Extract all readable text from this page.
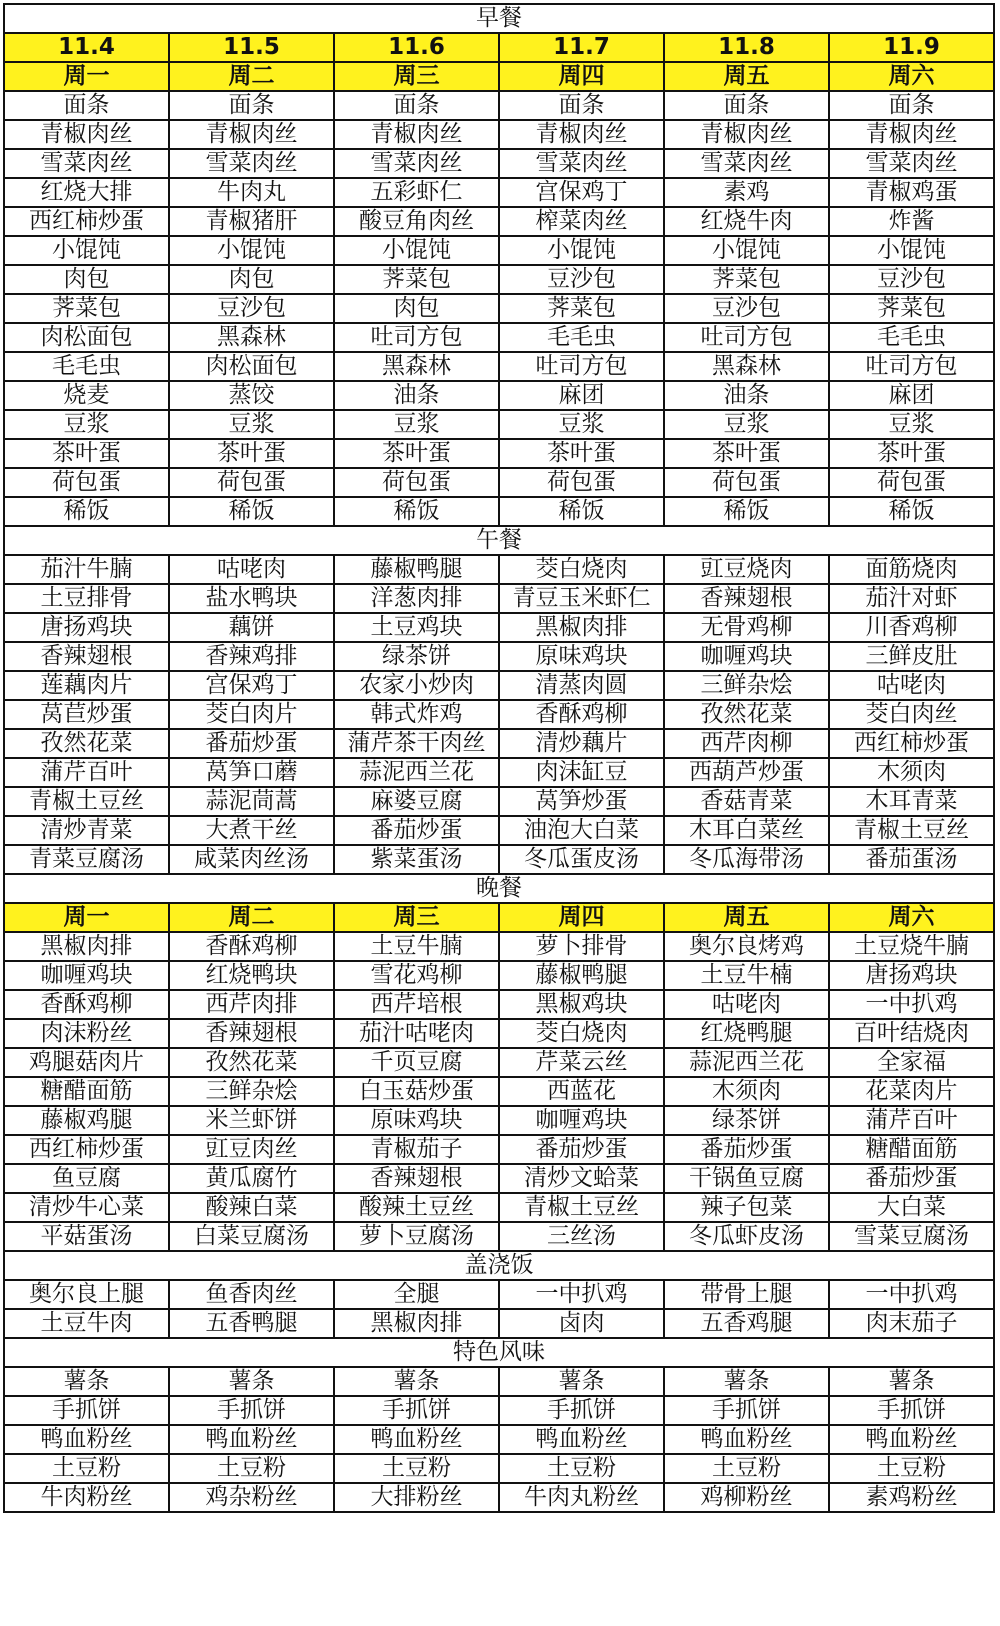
早餐					
11.4	11.5	11.6	11.7	11.8	11.9
周一	周二	周三	周四	周五	周六
面条	面条	面条	面条	面条	面条
青椒肉丝	青椒肉丝	青椒肉丝	青椒肉丝	青椒肉丝	青椒肉丝
雪菜肉丝	雪菜肉丝	雪菜肉丝	雪菜肉丝	雪菜肉丝	雪菜肉丝
红烧大排	牛肉丸	五彩虾仁	宫保鸡丁	素鸡	青椒鸡蛋
西红柿炒蛋	青椒猪肝	酸豆角肉丝	榨菜肉丝	红烧牛肉	炸酱
小馄饨	小馄饨	小馄饨	小馄饨	小馄饨	小馄饨
肉包	肉包	荠菜包	豆沙包	荠菜包	豆沙包
荠菜包	豆沙包	肉包	荠菜包	豆沙包	荠菜包
肉松面包	黑森林	吐司方包	毛毛虫	吐司方包	毛毛虫
毛毛虫	肉松面包	黑森林	吐司方包	黑森林	吐司方包
烧麦	蒸饺	油条	麻团	油条	麻团
豆浆	豆浆	豆浆	豆浆	豆浆	豆浆
茶叶蛋	茶叶蛋	茶叶蛋	茶叶蛋	茶叶蛋	茶叶蛋
荷包蛋	荷包蛋	荷包蛋	荷包蛋	荷包蛋	荷包蛋
稀饭	稀饭	稀饭	稀饭	稀饭	稀饭
午餐					
茄汁牛腩	咕咾肉	藤椒鸭腿	茭白烧肉	豇豆烧肉	面筋烧肉
土豆排骨	盐水鸭块	洋葱肉排	青豆玉米虾仁	香辣翅根	茄汁对虾
唐扬鸡块	藕饼	土豆鸡块	黑椒肉排	无骨鸡柳	川香鸡柳
香辣翅根	香辣鸡排	绿茶饼	原味鸡块	咖喱鸡块	三鲜皮肚
莲藕肉片	宫保鸡丁	农家小炒肉	清蒸肉圆	三鲜杂烩	咕咾肉
莴苣炒蛋	茭白肉片	韩式炸鸡	香酥鸡柳	孜然花菜	茭白肉丝
孜然花菜	番茄炒蛋	蒲芹茶干肉丝	清炒藕片	西芹肉柳	西红柿炒蛋
蒲芹百叶	莴笋口蘑	蒜泥西兰花	肉沫缸豆	西葫芦炒蛋	木须肉
青椒土豆丝	蒜泥茼蒿	麻婆豆腐	莴笋炒蛋	香菇青菜	木耳青菜
清炒青菜	大煮干丝	番茄炒蛋	油泡大白菜	木耳白菜丝	青椒土豆丝
青菜豆腐汤	咸菜肉丝汤	紫菜蛋汤	冬瓜蛋皮汤	冬瓜海带汤	番茄蛋汤
晚餐					
周一	周二	周三	周四	周五	周六
黑椒肉排	香酥鸡柳	土豆牛腩	萝卜排骨	奥尔良烤鸡	土豆烧牛腩
咖喱鸡块	红烧鸭块	雪花鸡柳	藤椒鸭腿	土豆牛楠	唐扬鸡块
香酥鸡柳	西芹肉排	西芹培根	黑椒鸡块	咕咾肉	一中扒鸡
肉沫粉丝	香辣翅根	茄汁咕咾肉	茭白烧肉	红烧鸭腿	百叶结烧肉
鸡腿菇肉片	孜然花菜	千页豆腐	芹菜云丝	蒜泥西兰花	全家福
糖醋面筋	三鲜杂烩	白玉菇炒蛋	西蓝花	木须肉	花菜肉片
藤椒鸡腿	米兰虾饼	原味鸡块	咖喱鸡块	绿茶饼	蒲芹百叶
西红柿炒蛋	豇豆肉丝	青椒茄子	番茄炒蛋	番茄炒蛋	糖醋面筋
鱼豆腐	黄瓜腐竹	香辣翅根	清炒文蛤菜	干锅鱼豆腐	番茄炒蛋
清炒牛心菜	酸辣白菜	酸辣土豆丝	青椒土豆丝	辣子包菜	大白菜
平菇蛋汤	白菜豆腐汤	萝卜豆腐汤	三丝汤	冬瓜虾皮汤	雪菜豆腐汤
盖浇饭					
奥尔良上腿	鱼香肉丝	全腿	一中扒鸡	带骨上腿	一中扒鸡
土豆牛肉	五香鸭腿	黑椒肉排	卤肉	五香鸡腿	肉末茄子
特色风味					
薯条	薯条	薯条	薯条	薯条	薯条
手抓饼	手抓饼	手抓饼	手抓饼	手抓饼	手抓饼
鸭血粉丝	鸭血粉丝	鸭血粉丝	鸭血粉丝	鸭血粉丝	鸭血粉丝
土豆粉	土豆粉	土豆粉	土豆粉	土豆粉	土豆粉
牛肉粉丝	鸡杂粉丝	大排粉丝	牛肉丸粉丝	鸡柳粉丝	素鸡粉丝
